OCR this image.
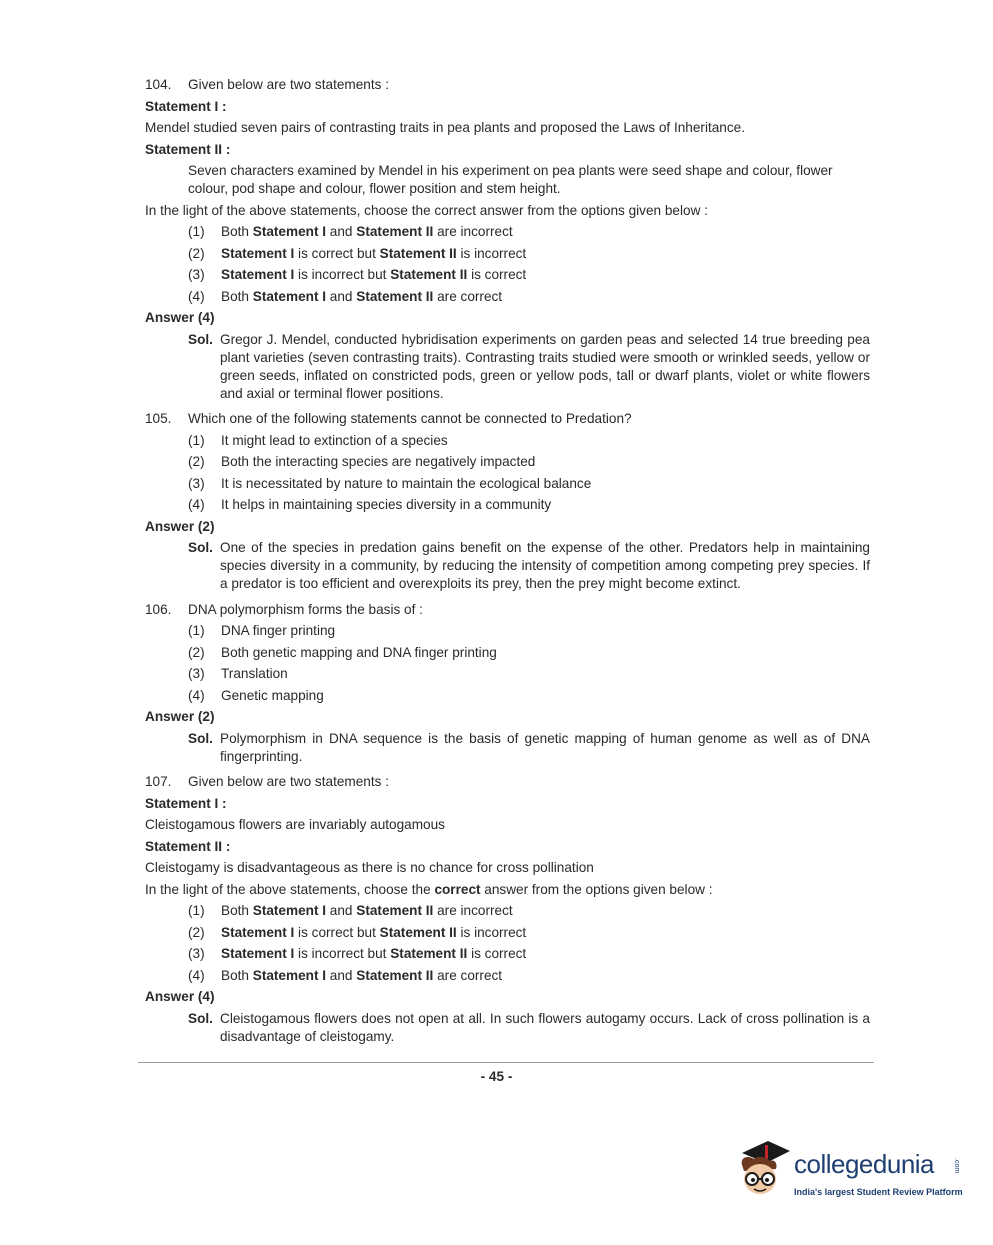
104.	Given below are two statements :
Statement I :
Mendel studied seven pairs of contrasting traits in pea plants and proposed the Laws of Inheritance.
Statement II :
Seven characters examined by Mendel in his experiment on pea plants were seed shape and colour, flower
colour, pod shape and colour, flower position and stem height.
In the light of the above statements, choose the correct answer from the options given below :
(1)	Both Statement I and Statement II are incorrect
(2)	Statement I is correct but Statement II is incorrect
(3)	Statement I is incorrect but Statement II is correct
(4)	Both Statement I and Statement II are correct
Answer (4)
Sol. Gregor J. Mendel, conducted hybridisation experiments on garden peas and selected 14 true breeding pea plant varieties (seven contrasting traits). Contrasting traits studied were smooth or wrinkled seeds, yellow or green seeds, inflated on constricted pods, green or yellow pods, tall or dwarf plants, violet or white flowers and axial or terminal flower positions.
105.	Which one of the following statements cannot be connected to Predation?
(1)	It might lead to extinction of a species
(2)	Both the interacting species are negatively impacted
(3)	It is necessitated by nature to maintain the ecological balance
(4)	It helps in maintaining species diversity in a community
Answer (2)
Sol. One of the species in predation gains benefit on the expense of the other. Predators help in maintaining species diversity in a community, by reducing the intensity of competition among competing prey species. If a predator is too efficient and overexploits its prey, then the prey might become extinct.
106.	DNA polymorphism forms the basis of :
(1)	DNA finger printing
(2)	Both genetic mapping and DNA finger printing
(3)	Translation
(4)	Genetic mapping
Answer (2)
Sol. Polymorphism in DNA sequence is the basis of genetic mapping of human genome as well as of DNA fingerprinting.
107.	Given below are two statements :
Statement I :
Cleistogamous flowers are invariably autogamous
Statement II :
Cleistogamy is disadvantageous as there is no chance for cross pollination
In the light of the above statements, choose the correct answer from the options given below :
(1)	Both Statement I and Statement II are incorrect
(2)	Statement I is correct but Statement II is incorrect
(3)	Statement I is incorrect but Statement II is correct
(4)	Both Statement I and Statement II are correct
Answer (4)
Sol. Cleistogamous flowers does not open at all. In such flowers autogamy occurs. Lack of cross pollination is a disadvantage of cleistogamy.
- 45 -
collegedunia	.com
India's largest Student Review Platform
